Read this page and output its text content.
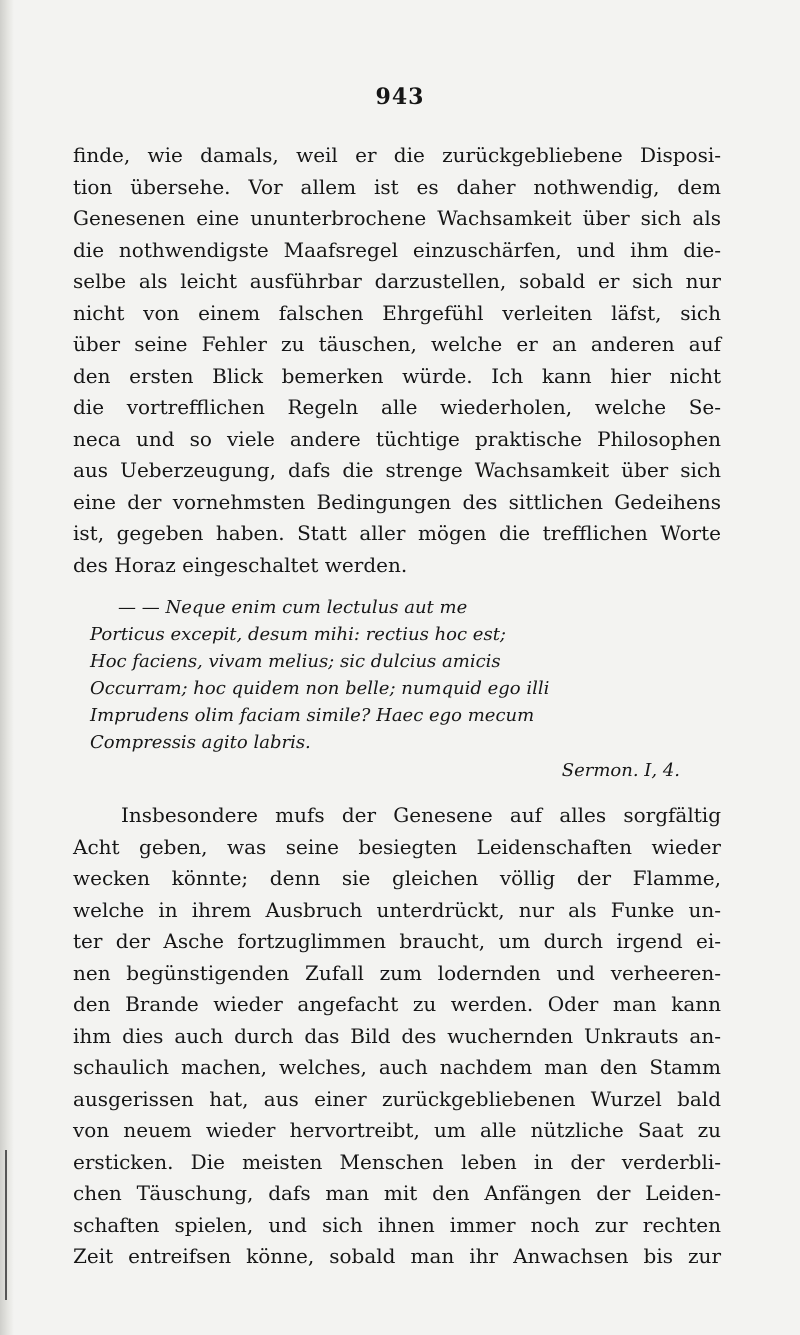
943
finde, wie damals, weil er die zurückgebliebene Disposi-
tion übersehe. Vor allem ist es daher nothwendig, dem
Genesenen eine ununterbrochene Wachsamkeit über sich als
die nothwendigste Maafsregel einzuschärfen, und ihm die-
selbe als leicht ausführbar darzustellen, sobald er sich nur
nicht von einem falschen Ehrgefühl verleiten läfst, sich
über seine Fehler zu täuschen, welche er an anderen auf
den ersten Blick bemerken würde. Ich kann hier nicht
die vortrefflichen Regeln alle wiederholen, welche Se-
neca und so viele andere tüchtige praktische Philosophen
aus Ueberzeugung, dafs die strenge Wachsamkeit über sich
eine der vornehmsten Bedingungen des sittlichen Gedeihens
ist, gegeben haben. Statt aller mögen die trefflichen Worte
des Horaz eingeschaltet werden.
— — Neque enim cum lectulus aut me
Porticus excepit, desum mihi: rectius hoc est;
Hoc faciens, vivam melius; sic dulcius amicis
Occurram; hoc quidem non belle; numquid ego illi
Imprudens olim faciam simile? Haec ego mecum
Compressis agito labris.
Sermon. I, 4.
Insbesondere mufs der Genesene auf alles sorgfältig
Acht geben, was seine besiegten Leidenschaften wieder
wecken könnte; denn sie gleichen völlig der Flamme,
welche in ihrem Ausbruch unterdrückt, nur als Funke un-
ter der Asche fortzuglimmen braucht, um durch irgend ei-
nen begünstigenden Zufall zum lodernden und verheeren-
den Brande wieder angefacht zu werden. Oder man kann
ihm dies auch durch das Bild des wuchernden Unkrauts an-
schaulich machen, welches, auch nachdem man den Stamm
ausgerissen hat, aus einer zurückgebliebenen Wurzel bald
von neuem wieder hervortreibt, um alle nützliche Saat zu
ersticken. Die meisten Menschen leben in der verderbli-
chen Täuschung, dafs man mit den Anfängen der Leiden-
schaften spielen, und sich ihnen immer noch zur rechten
Zeit entreifsen könne, sobald man ihr Anwachsen bis zur
